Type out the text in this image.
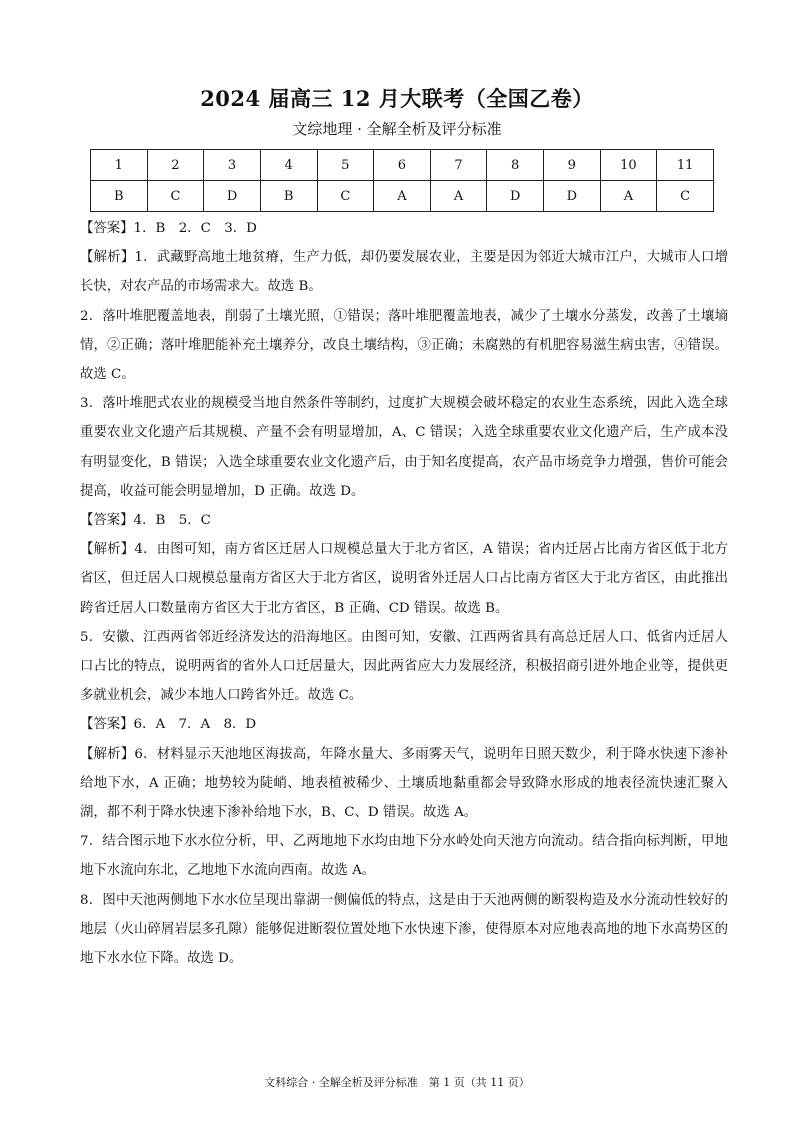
2024 届高三 12 月大联考（全国乙卷）
文综地理 · 全解全析及评分标准
1	2	3	4	5	6	7	8	9	10	11
B	C	D	B	C	A	A	D	D	A	C

【答案】1．B　2．C　3．D

【解析】1．武藏野高地土地贫瘠，生产力低，却仍要发展农业，主要是因为邻近大城市江户，大城市人口增长快，对农产品的市场需求大。故选 B。

2．落叶堆肥覆盖地表，削弱了土壤光照，①错误；落叶堆肥覆盖地表，减少了土壤水分蒸发，改善了土壤墒情，②正确；落叶堆肥能补充土壤养分，改良土壤结构，③正确；未腐熟的有机肥容易滋生病虫害，④错误。故选 C。

3．落叶堆肥式农业的规模受当地自然条件等制约，过度扩大规模会破坏稳定的农业生态系统，因此入选全球重要农业文化遗产后其规模、产量不会有明显增加，A、C 错误；入选全球重要农业文化遗产后，生产成本没有明显变化，B 错误；入选全球重要农业文化遗产后，由于知名度提高，农产品市场竞争力增强，售价可能会提高，收益可能会明显增加，D 正确。故选 D。

【答案】4．B　5．C

【解析】4．由图可知，南方省区迁居人口规模总量大于北方省区，A 错误；省内迁居占比南方省区低于北方省区，但迁居人口规模总量南方省区大于北方省区，说明省外迁居人口占比南方省区大于北方省区，由此推出跨省迁居人口数量南方省区大于北方省区，B 正确、CD 错误。故选 B。

5．安徽、江西两省邻近经济发达的沿海地区。由图可知，安徽、江西两省具有高总迁居人口、低省内迁居人口占比的特点，说明两省的省外人口迁居量大，因此两省应大力发展经济，积极招商引进外地企业等，提供更多就业机会，减少本地人口跨省外迁。故选 C。

【答案】6．A　7．A　8．D

【解析】6．材料显示天池地区海拔高，年降水量大、多雨雾天气，说明年日照天数少，利于降水快速下渗补给地下水，A 正确；地势较为陡峭、地表植被稀少、土壤质地黏重都会导致降水形成的地表径流快速汇聚入湖，都不利于降水快速下渗补给地下水，B、C、D 错误。故选 A。

7．结合图示地下水水位分析，甲、乙两地地下水均由地下分水岭处向天池方向流动。结合指向标判断，甲地地下水流向东北，乙地地下水流向西南。故选 A。

8．图中天池两侧地下水水位呈现出靠湖一侧偏低的特点，这是由于天池两侧的断裂构造及水分流动性较好的地层（火山碎屑岩层多孔隙）能够促进断裂位置处地下水快速下渗，使得原本对应地表高地的地下水高势区的地下水水位下降。故选 D。

文科综合 · 全解全析及评分标准　第 1 页（共 11 页）
